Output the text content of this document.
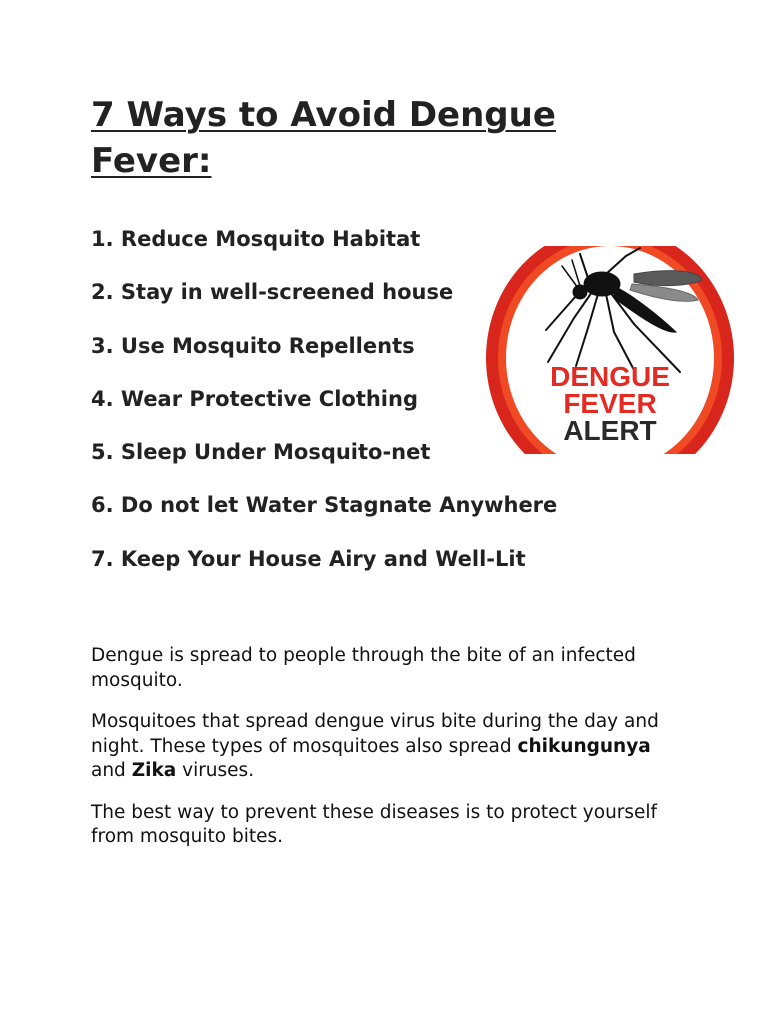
7 Ways to Avoid Dengue Fever:
1. Reduce Mosquito Habitat
2. Stay in well-screened house
3. Use Mosquito Repellents
4. Wear Protective Clothing
5. Sleep Under Mosquito-net
6. Do not let Water Stagnate Anywhere
7. Keep Your House Airy and Well-Lit
DENGUE
FEVER
ALERT

Dengue is spread to people through the bite of an infected mosquito.

Mosquitoes that spread dengue virus bite during the day and night. These types of mosquitoes also spread chikungunya and Zika viruses.

The best way to prevent these diseases is to protect yourself from mosquito bites.
